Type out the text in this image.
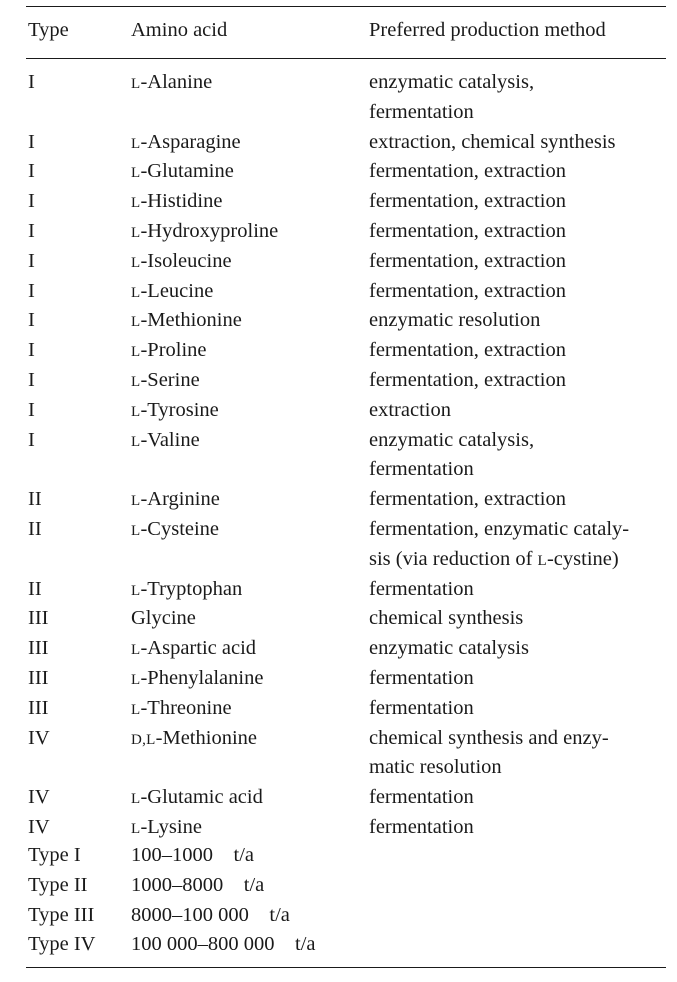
Type	Amino acid	Preferred production method
I	L-Alanine	enzymatic catalysis,
fermentation
I	L-Asparagine	extraction, chemical synthesis
I	L-Glutamine	fermentation, extraction
I	L-Histidine	fermentation, extraction
I	L-Hydroxyproline	fermentation, extraction
I	L-Isoleucine	fermentation, extraction
I	L-Leucine	fermentation, extraction
I	L-Methionine	enzymatic resolution
I	L-Proline	fermentation, extraction
I	L-Serine	fermentation, extraction
I	L-Tyrosine	extraction
I	L-Valine	enzymatic catalysis,
fermentation
II	L-Arginine	fermentation, extraction
II	L-Cysteine	fermentation, enzymatic cataly-
sis (via reduction of L-cystine)
II	L-Tryptophan	fermentation
III	Glycine	chemical synthesis
III	L-Aspartic acid	enzymatic catalysis
III	L-Phenylalanine	fermentation
III	L-Threonine	fermentation
IV	D,L-Methionine	chemical synthesis and enzy-
matic resolution
IV	L-Glutamic acid	fermentation
IV	L-Lysine	fermentation
Type I 100–1000    t/a
Type II 1000–8000    t/a
Type III 8000–100 000    t/a
Type IV 100 000–800 000    t/a
